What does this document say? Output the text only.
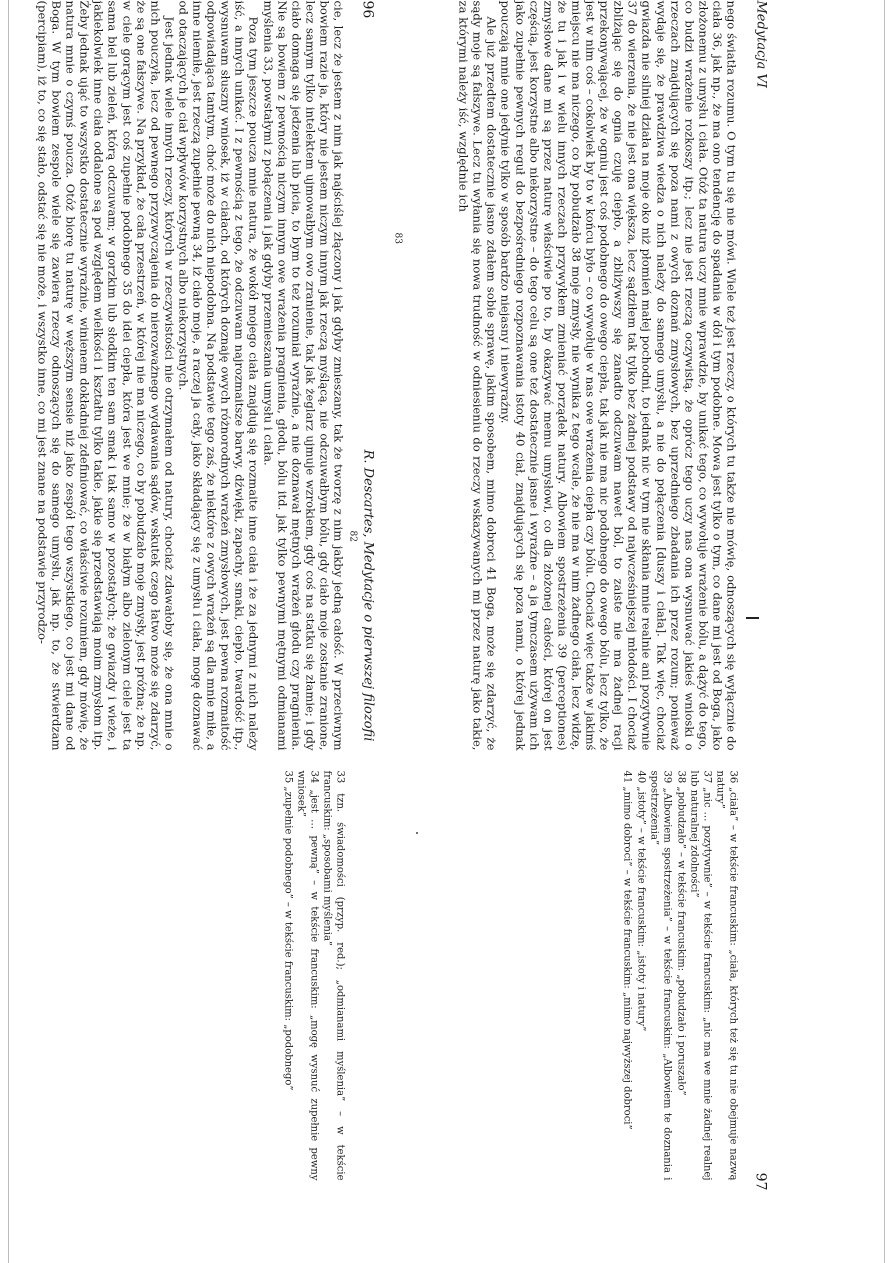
96
R. Descartes, Medytacje o pierwszej filozofii
82

cie, lecz że jestem z nim jak najściślej złączony i jak gdyby zmieszany, tak że tworzę z nim jakby jedną całość. W przeciwnym bowiem razie ja, który nie jestem niczym innym jak rzeczą myślącą, nie odczuwałbym bólu, gdy ciało moje zostanie zranione, lecz samym tylko intelektem ujmowałbym owo zranienie, tak jak żeglarz ujmuje wzrokiem, gdy coś na statku się złamie; i gdy ciało domaga się jedzenia lub picia, to bym to też rozumiał wyraźnie, a nie doznawał mętnych wrażeń głodu czy pragnienia. Nie są bowiem z pewnością niczym innym owe wrażenia pragnienia, głodu, bólu itd. jak tylko pewnymi mętnymi odmianami myślenia 33, powstałymi z połączenia i jak gdyby przemieszania umysłu i ciała.

Poza tym jeszcze poucza mnie natura, że wokół mojego ciała znajdują się rozmaite inne ciała i że za jednymi z nich należy iść, a innych unikać. I z pewnością z tego, że odczuwam najrozmaitsze barwy, dźwięki, zapachy, smaki, ciepło, twardość itp., wysnuwam słuszny wniosek, iż w ciałach, od których doznaję owych różnorodnych wrażeń zmysłowych, jest pewna rozmaitość odpowiadająca tamtym, choć może do nich niepodobna. Na podstawie tego zaś, że niektóre z owych wrażeń są dla mnie miłe, a inne niemiłe, jest rzeczą zupełnie pewną 34, iż ciało moje, a raczej ja cały, jako składający się z umysłu i ciała, mogę doznawać od otaczających je ciał wpływów korzystnych albo niekorzystnych.

Jest jednak wiele innych rzeczy, których w rzeczywistości nie otrzymałem od natury, chociaż zdawałoby się, że ona mnie o nich pouczyła, lecz od pewnego przyzwyczajenia do nierozważnego wydawania sądów, wskutek czego łatwo może się zdarzyć, że są one fałszywe. Na przykład, że cała przestrzeń, w której nie ma niczego, co by pobudzało moje zmysły, jest próżna; że np. w ciele gorącym jest coś zupełnie podobnego 35 do idei ciepła, która jest we mnie; że w białym albo zielonym ciele jest ta sama biel lub zieleń, którą odczuwam; w gorzkim lub słodkim ten sam smak i tak samo w pozostałych; że gwiazdy i wieże, i jakiekolwiek inne ciała oddalone są pod względem wielkości i kształtu tylko takie, jakie się przedstawiają moim zmysłom itp. Żeby jednak ująć to wszystko dostatecznie wyraźnie, winienem dokładniej zdefiniować, co właściwie rozumiem, gdy mówię, że natura mnie o czymś poucza. Otóż biorę tu naturę w węższym sensie niż jako zespół tego wszystkiego, co jest mi dane od Boga. W tym bowiem zespole wiele się zawiera rzeczy odnoszących się do samego umysłu, jak np. to, że stwierdzam (percipiam), iż to, co się stało, odstać się nie może, i wszystko inne, co mi jest znane na podstawie przyrodzo-

33 tzn. świadomości (przyp. red.); „odmianami myślenia” – w tekście francuskim: „sposobami myślenia”
34 „jest … pewną” – w tekście francuskim: „mogę wysnuć zupełnie pewny wniosek”
35 „zupełnie podobnego” – w tekście francuskim: „podobnego”
Medytacja VI
97
83	nego światła rozumu. O tym tu się nie mówi. Wiele też jest rzeczy, o których tu także nie mówię, odnoszących się wyłącznie do ciała 36, jak np., że ma ono tendencję do spadania w dół i tym podobne. Mowa jest tylko o tym, co dane mi jest od Boga, jako złożonemu z umysłu i ciała. Otóż ta natura uczy mnie wprawdzie, by unikać tego, co wywołuje wrażenie bólu, a dążyć do tego, co budzi wrażenie rozkoszy itp.; lecz nie jest rzeczą oczywistą, że oprócz tego uczy nas ona wysnuwać jakieś wnioski o rzeczach znajdujących się poza nami z owych doznań zmysłowych, bez uprzedniego zbadania ich przez rozum; ponieważ wydaje się, że prawdziwa wiedza o nich należy do samego umysłu, a nie do połączenia [duszy i ciała]. Tak więc, chociaż gwiazda nie silniej działa na moje oko niż płomień małej pochodni, to jednak nic w tym nie skłania mnie realnie ani pozytywnie 37 do wierzenia, że nie jest ona większa, lecz sądziłem tak tylko bez żadnej podstawy od najwcześniejszej młodości. I chociaż zbliżając się do ognia czuję ciepło, a zbliżywszy się zanadto odczuwam nawet ból, to zaiste nie ma żadnej racji przekonywającej, że w ogniu jest coś podobnego do owego ciepła, tak jak nie ma nic podobnego do owego bólu, lecz tylko, że jest w nim coś – cokolwiek by to w końcu było – co wywołuje w nas owe wrażenia ciepła czy bólu. Chociaż więc także w jakimś miejscu nie ma niczego, co by pobudzało 38 moje zmysły, nie wynika z tego wcale, że nie ma w nim żadnego ciała, lecz widzę, że tu i jak i w wielu innych rzeczach przywykłem zmieniać porządek natury. Albowiem spostrzeżenia 39 (perceptiones) zmysłowe dane mi są przez naturę właściwie po to, by okazywać memu umysłowi, co dla złożonej całości, której on jest częścią, jest korzystne albo niekorzystne – do tego celu są one też dostatecznie jasne i wyraźne – a ja tymczasem używam ich jako zupełnie pewnych reguł do bezpośredniego rozpoznawania istoty 40 ciał, znajdujących się poza nami, o której jednak pouczają mnie one jedynie tylko w sposób bardzo niejasny i niewyraźny.

Ale już przedtem dostatecznie jasno zdałem sobie sprawę, jakim sposobem, mimo dobroci 41 Boga, może się zdarzyć, że sądy moje są fałszywe. Lecz tu wyłania się nowa trudność w odniesieniu do rzeczy wskazywanych mi przez naturę jako takie, za którymi należy iść, względnie ich

36 „ciała” – w tekście francuskim: „ciała, których też się tu nie obejmuje nazwą natury”
37 „nic … pozytywnie” – w tekście francuskim: „nic ma we mnie żadnej realnej lub naturalnej zdolności”
38 „pobudzało” – w tekście francuskim: „pobudzało i poruszało”
39 „Albowiem spostrzeżenia” – w tekście francuskim: „Albowiem te doznania i spostrzeżenia”
40 „istoty” – w tekście francuskim: „istoty i natury”
41 „mimo dobroci” – w tekście francuskim: „mimo najwyższej dobroci”
